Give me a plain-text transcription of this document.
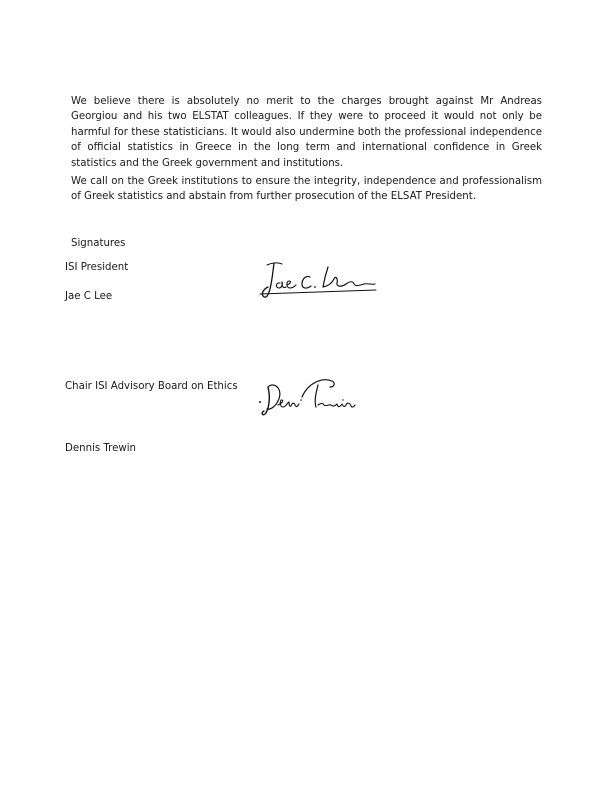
We believe there is absolutely no merit to the charges brought against Mr Andreas Georgiou and his two ELSTAT colleagues. If they were to proceed it would not only be harmful for these statisticians. It would also undermine both the professional independence of official statistics in Greece in the long term and international confidence in Greek statistics and the Greek government and institutions.

We call on the Greek institutions to ensure the integrity, independence and professionalism of Greek statistics and abstain from further prosecution of the ELSAT President.

Signatures

ISI President

Jae C Lee

Chair ISI Advisory Board on Ethics

Dennis Trewin
